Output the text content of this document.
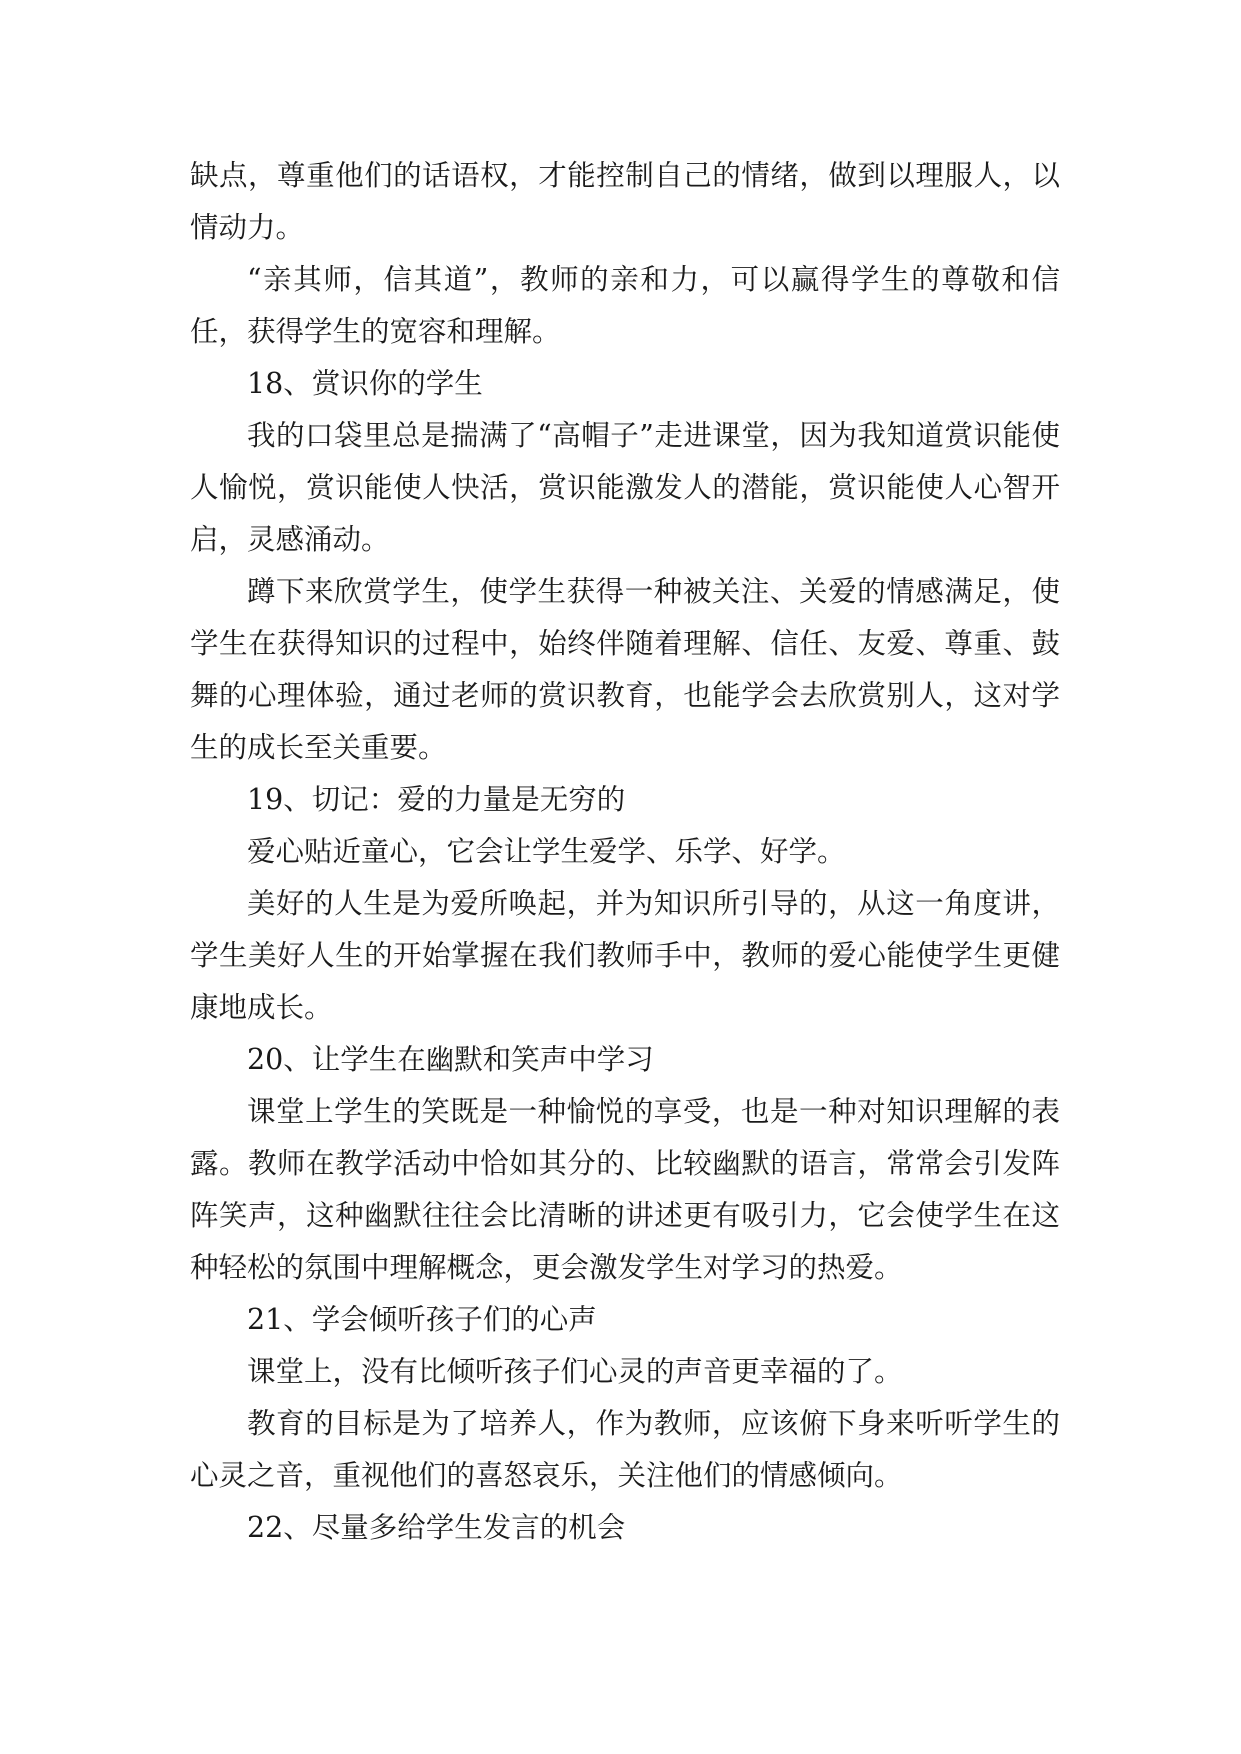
缺点，尊重他们的话语权，才能控制自己的情绪，做到以理服人，以情动力。

“亲其师，信其道”，教师的亲和力，可以赢得学生的尊敬和信任，获得学生的宽容和理解。

18、赏识你的学生

我的口袋里总是揣满了“高帽子”走进课堂，因为我知道赏识能使人愉悦，赏识能使人快活，赏识能激发人的潜能，赏识能使人心智开启，灵感涌动。

蹲下来欣赏学生，使学生获得一种被关注、关爱的情感满足，使学生在获得知识的过程中，始终伴随着理解、信任、友爱、尊重、鼓舞的心理体验，通过老师的赏识教育，也能学会去欣赏别人，这对学生的成长至关重要。

19、切记：爱的力量是无穷的

爱心贴近童心，它会让学生爱学、乐学、好学。

美好的人生是为爱所唤起，并为知识所引导的，从这一角度讲，学生美好人生的开始掌握在我们教师手中，教师的爱心能使学生更健康地成长。

20、让学生在幽默和笑声中学习

课堂上学生的笑既是一种愉悦的享受，也是一种对知识理解的表露。教师在教学活动中恰如其分的、比较幽默的语言，常常会引发阵阵笑声，这种幽默往往会比清晰的讲述更有吸引力，它会使学生在这种轻松的氛围中理解概念，更会激发学生对学习的热爱。

21、学会倾听孩子们的心声

课堂上，没有比倾听孩子们心灵的声音更幸福的了。

教育的目标是为了培养人，作为教师，应该俯下身来听听学生的心灵之音，重视他们的喜怒哀乐，关注他们的情感倾向。

22、尽量多给学生发言的机会
